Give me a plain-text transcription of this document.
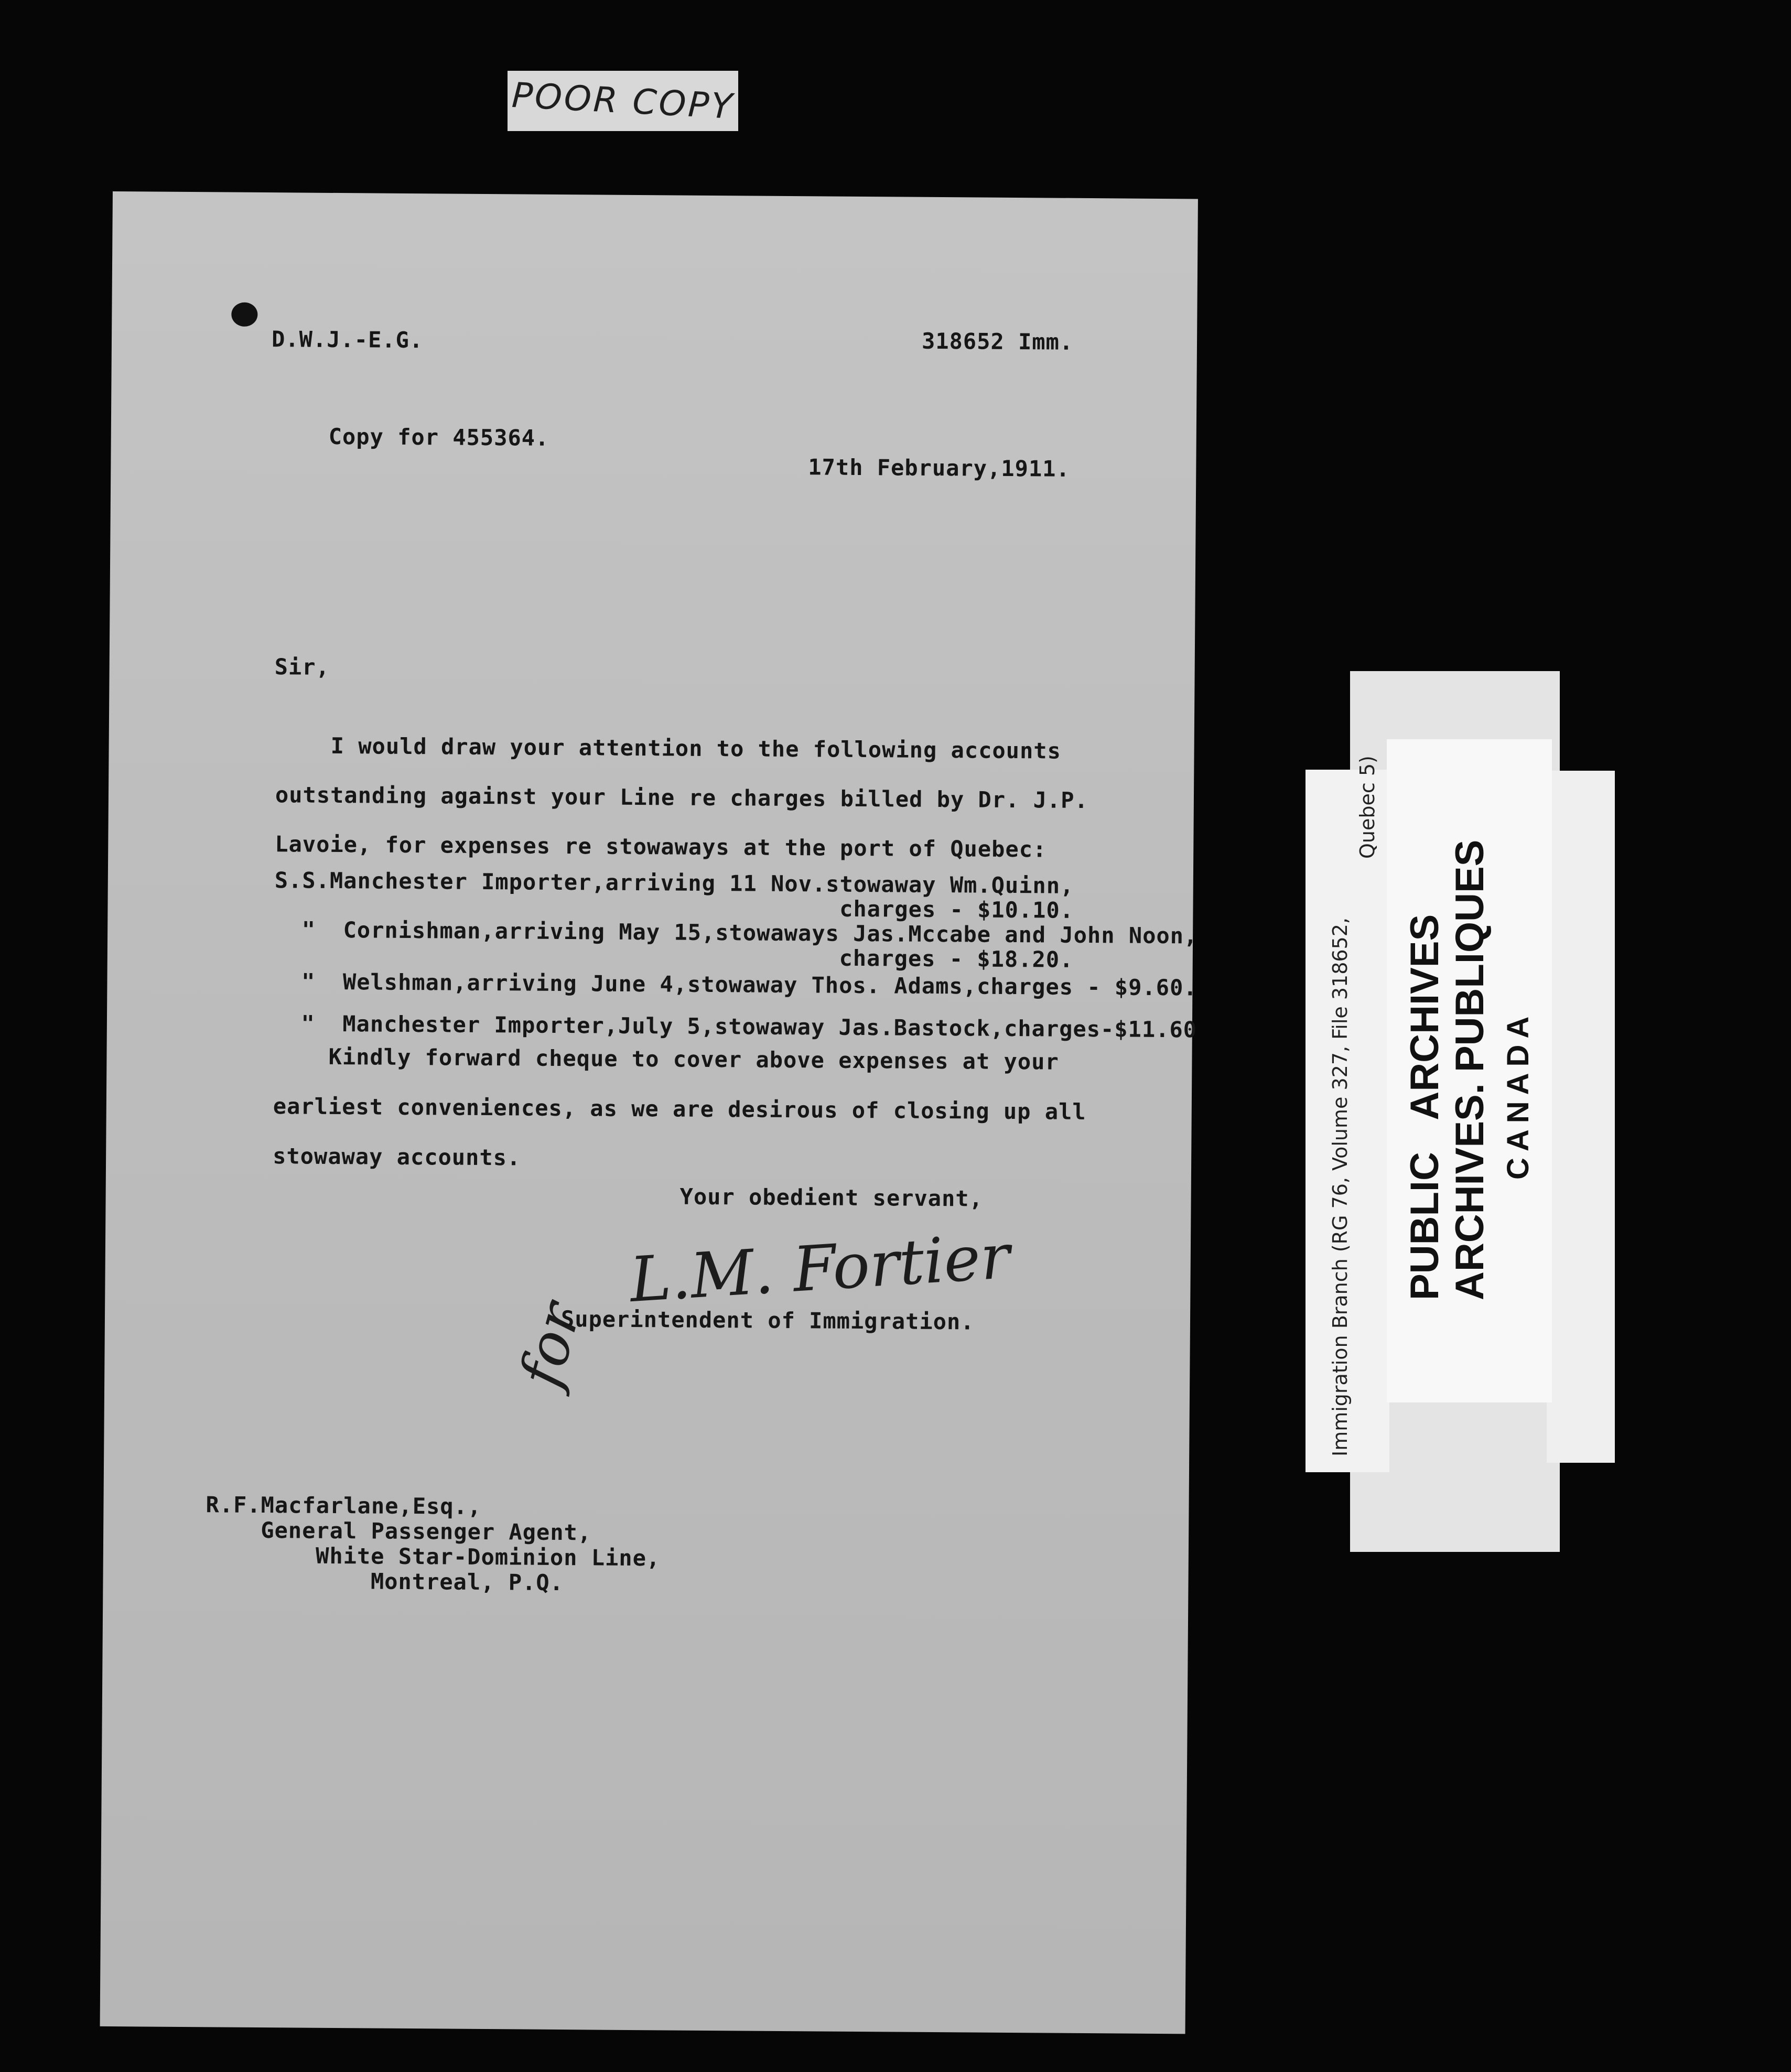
POOR COPY
D.W.J.-E.G.	318652 Imm.
Copy for 455364.
17th February,1911.
Sir,
I would draw your attention to the following accounts
outstanding against your Line re charges billed by Dr. J.P.
Lavoie, for expenses re stowaways at the port of Quebec:
S.S.Manchester Importer,arriving 11 Nov.stowaway Wm.Quinn,
charges - $10.10.
"  Cornishman,arriving May 15,stowaways Jas.Mccabe and John Noon,
charges - $18.20.
"  Welshman,arriving June 4,stowaway Thos. Adams,charges - $9.60.
"  Manchester Importer,July 5,stowaway Jas.Bastock,charges-$11.60
Kindly forward cheque to cover above expenses at your
earliest conveniences, as we are desirous of closing up all
stowaway accounts.
Your obedient servant,
L.M. Fortier
for
Superintendent of Immigration.
R.F.Macfarlane,Esq.,
General Passenger Agent,
White Star-Dominion Line,
Montreal, P.Q.
Immigration Branch (RG 76, Volume 327, File 318652,
Quebec 5)
PUBLIC   ARCHIVES
ARCHIVES. PUBLIQUES CANADA
